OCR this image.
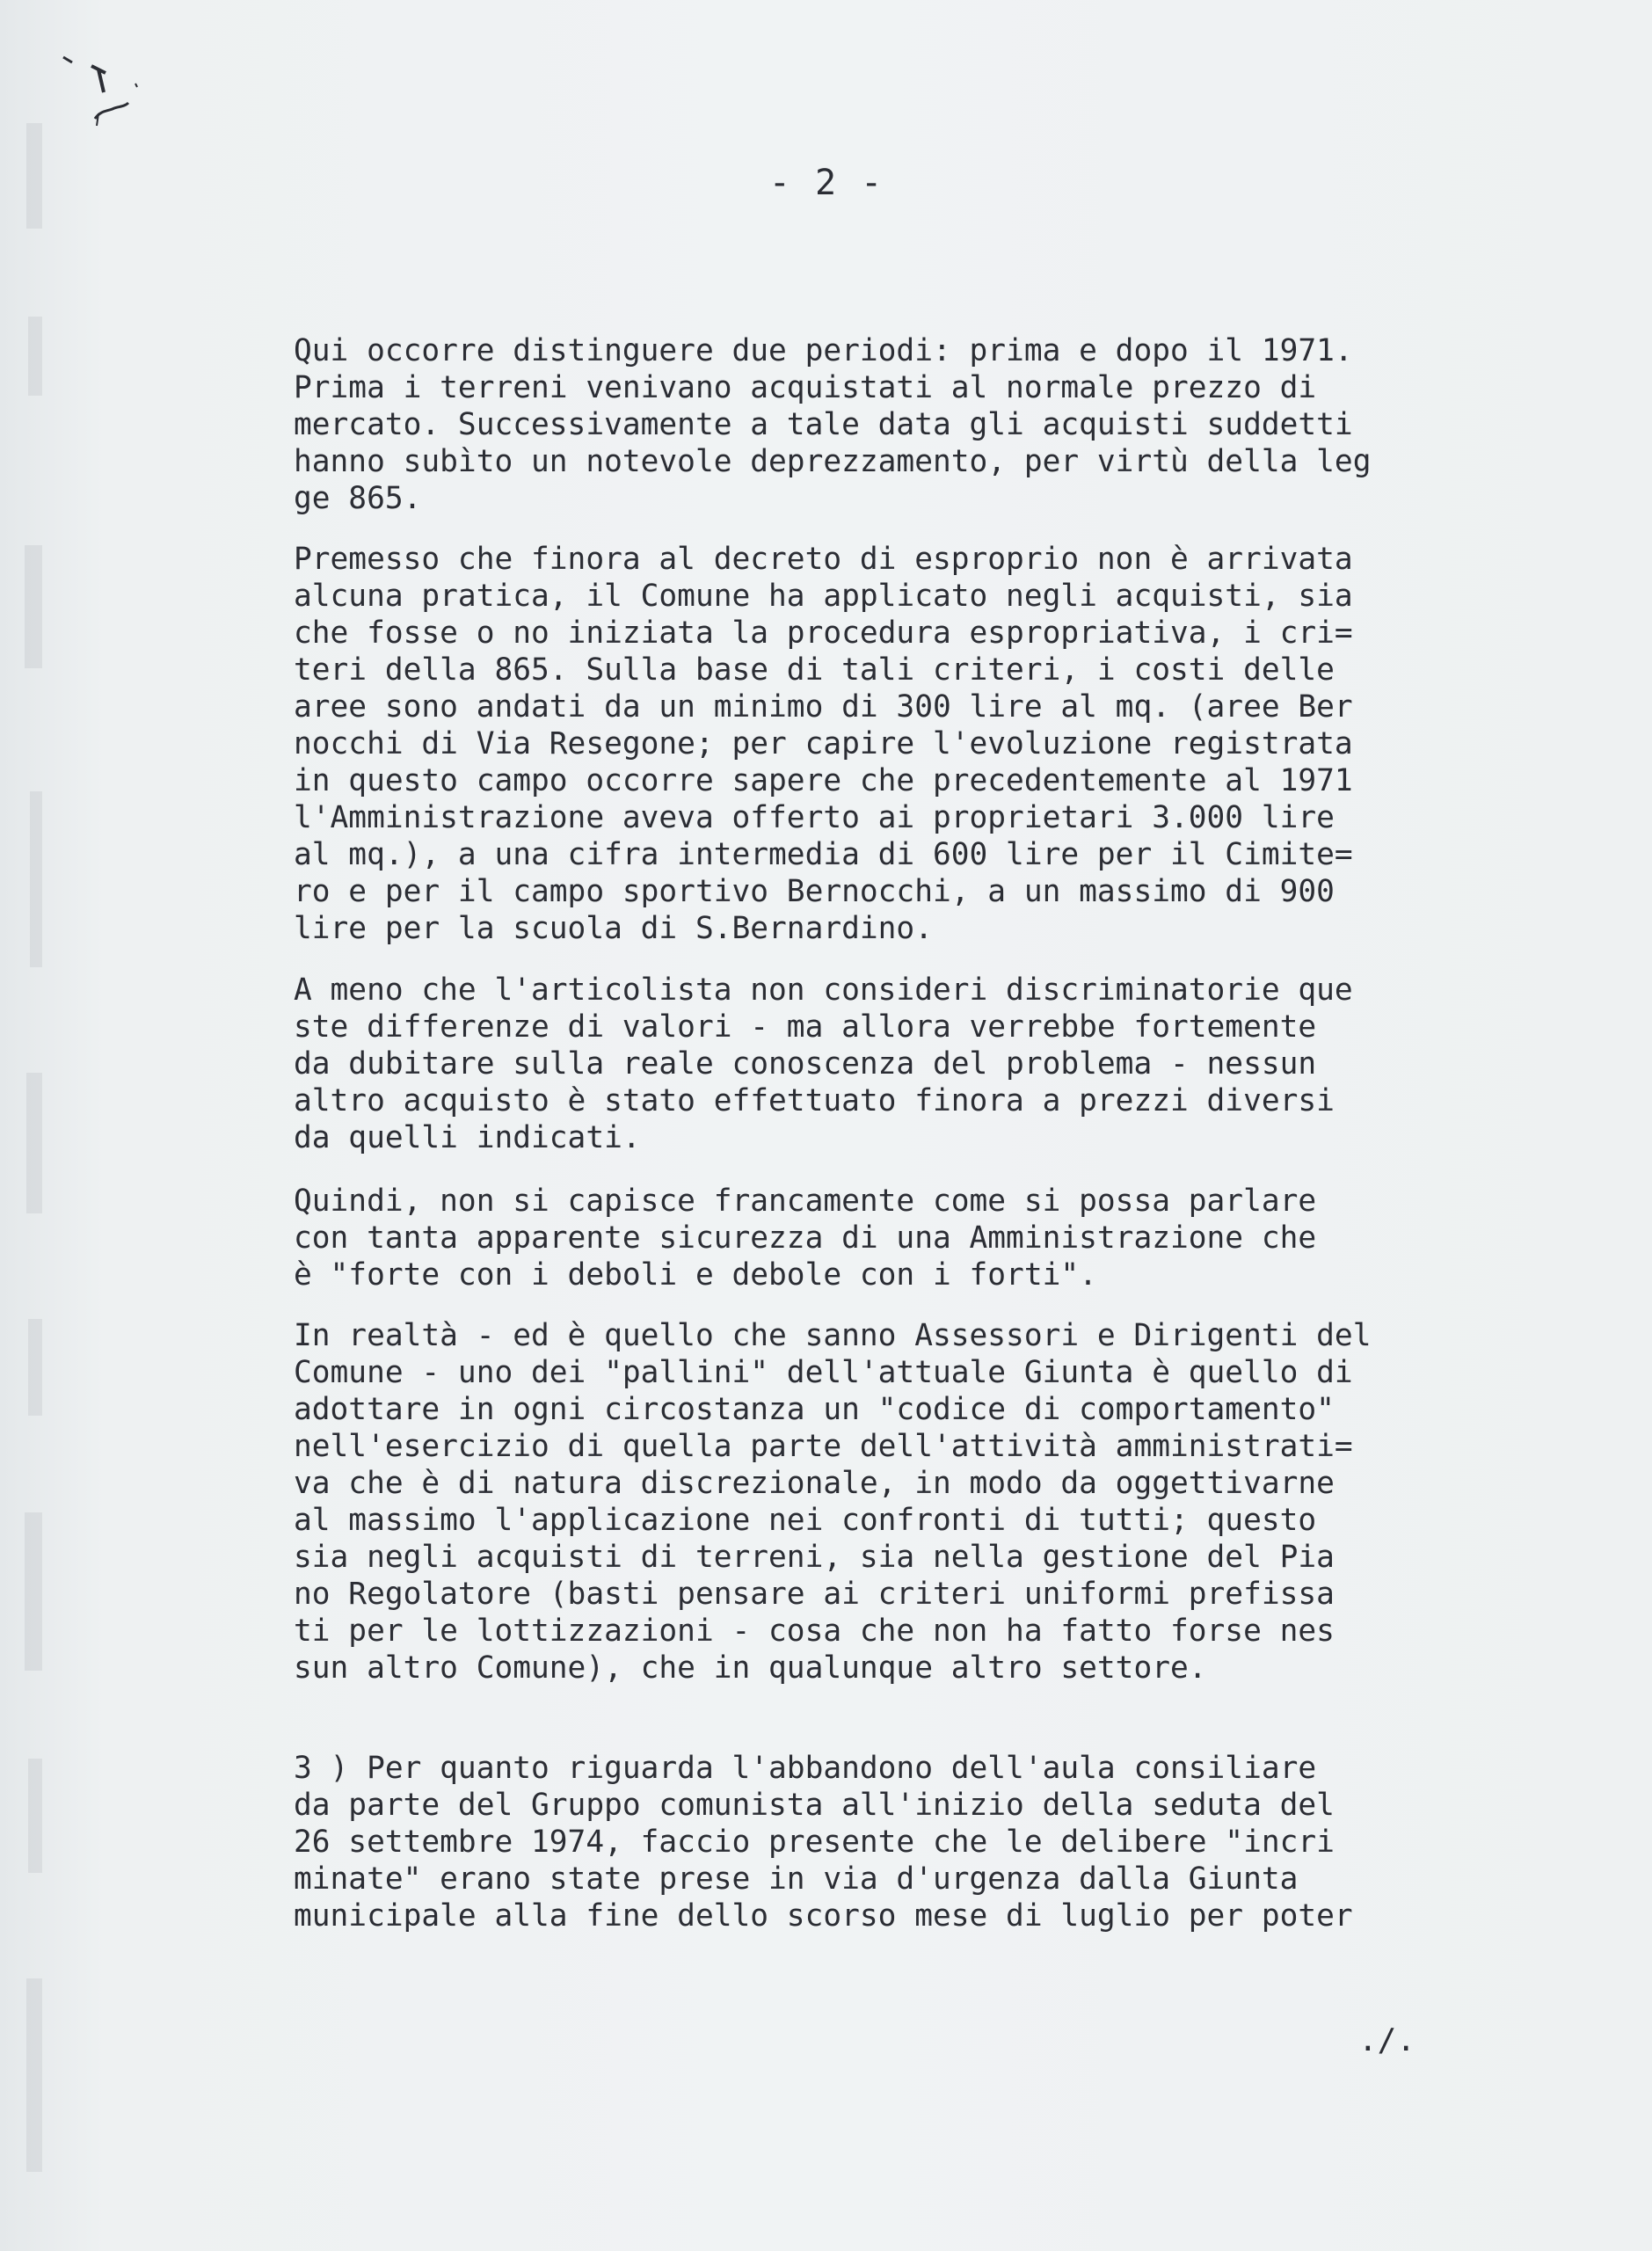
- 2 -
Qui occorre distinguere due periodi: prima e dopo il 1971.
Prima i terreni venivano acquistati al normale prezzo di
mercato. Successivamente a tale data gli acquisti suddetti
hanno subìto un notevole deprezzamento, per virtù della leg
ge 865.
Premesso che finora al decreto di esproprio non è arrivata
alcuna pratica, il Comune ha applicato negli acquisti, sia
che fosse o no iniziata la procedura espropriativa, i cri=
teri della 865. Sulla base di tali criteri, i costi delle
aree sono andati da un minimo di 300 lire al mq. (aree Ber
nocchi di Via Resegone; per capire l'evoluzione registrata
in questo campo occorre sapere che precedentemente al 1971
l'Amministrazione aveva offerto ai proprietari 3.000 lire
al mq.), a una cifra intermedia di 600 lire per il Cimite=
ro e per il campo sportivo Bernocchi, a un massimo di 900
lire per la scuola di S.Bernardino.
A meno che l'articolista non consideri discriminatorie que
ste differenze di valori - ma allora verrebbe fortemente
da dubitare sulla reale conoscenza del problema - nessun
altro acquisto è stato effettuato finora a prezzi diversi
da quelli indicati.
Quindi, non si capisce francamente come si possa parlare
con tanta apparente sicurezza di una Amministrazione che
è "forte con i deboli e debole con i forti".
In realtà - ed è quello che sanno Assessori e Dirigenti del
Comune - uno dei "pallini" dell'attuale Giunta è quello di
adottare in ogni circostanza un "codice di comportamento"
nell'esercizio di quella parte dell'attività amministrati=
va che è di natura discrezionale, in modo da oggettivarne
al massimo l'applicazione nei confronti di tutti; questo
sia negli acquisti di terreni, sia nella gestione del Pia
no Regolatore (basti pensare ai criteri uniformi prefissa
ti per le lottizzazioni - cosa che non ha fatto forse nes
sun altro Comune), che in qualunque altro settore.
3 ) Per quanto riguarda l'abbandono dell'aula consiliare
da parte del Gruppo comunista all'inizio della seduta del
26 settembre 1974, faccio presente che le delibere "incri
minate" erano state prese in via d'urgenza dalla Giunta
municipale alla fine dello scorso mese di luglio per poter
./.
